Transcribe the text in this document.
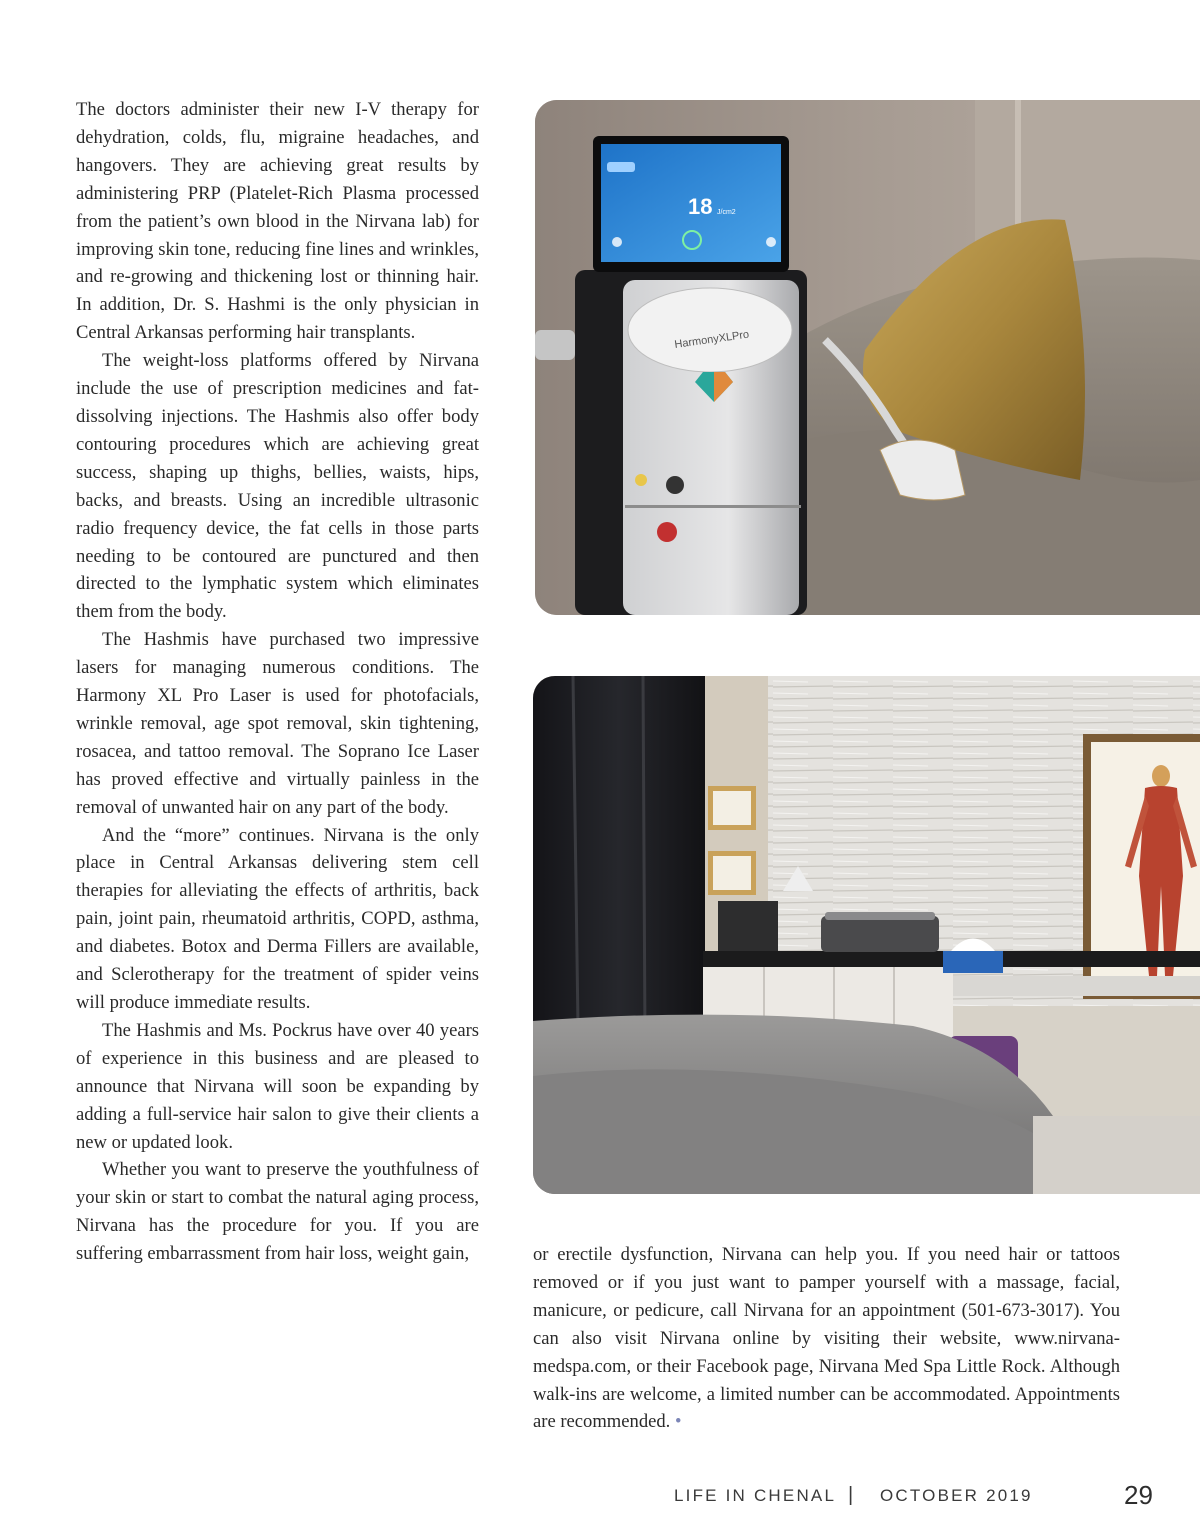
The doctors administer their new I-V therapy for dehydration, colds, flu, migraine headaches, and hangovers. They are achieving great results by administering PRP (Platelet-Rich Plasma processed from the patient’s own blood in the Nirvana lab) for improving skin tone, reducing fine lines and wrinkles, and re-growing and thickening lost or thinning hair. In addition, Dr. S. Hashmi is the only physician in Central Arkansas performing hair transplants.

The weight-loss platforms offered by Nirvana include the use of prescription medicines and fat-dissolving injections. The Hashmis also offer body contouring procedures which are achieving great success, shaping up thighs, bellies, waists, hips, backs, and breasts. Using an incredible ultrasonic radio frequency device, the fat cells in those parts needing to be contoured are punctured and then directed to the lymphatic system which eliminates them from the body.

The Hashmis have purchased two impressive lasers for managing numerous conditions. The Harmony XL Pro Laser is used for photofacials, wrinkle removal, age spot removal, skin tightening, rosacea, and tattoo removal. The Soprano Ice Laser has proved effective and virtually painless in the removal of unwanted hair on any part of the body.

And the “more” continues. Nirvana is the only place in Central Arkansas delivering stem cell therapies for alleviating the effects of arthritis, back pain, joint pain, rheumatoid arthritis, COPD, asthma, and diabetes. Botox and Derma Fillers are available, and Sclerotherapy for the treatment of spider veins will produce immediate results.

The Hashmis and Ms. Pockrus have over 40 years of experience in this business and are pleased to announce that Nirvana will soon be expanding by adding a full-service hair salon to give their clients a new or updated look.

Whether you want to preserve the youthfulness of your skin or start to combat the natural aging process, Nirvana has the procedure for you. If you are suffering embarrassment from hair loss, weight gain,

HarmonyXLPro
18 J/cm2

or erectile dysfunction, Nirvana can help you. If you need hair or tattoos removed or if you just want to pamper yourself with a massage, facial, manicure, or pedicure, call Nirvana for an appointment (501-673-3017). You can also visit Nirvana online by visiting their website, www.nirvana-medspa.com, or their Facebook page, Nirvana Med Spa Little Rock. Although walk-ins are welcome, a limited number can be accommodated. Appointments are recommended. •

LIFE IN CHENAL | OCTOBER 2019	29
